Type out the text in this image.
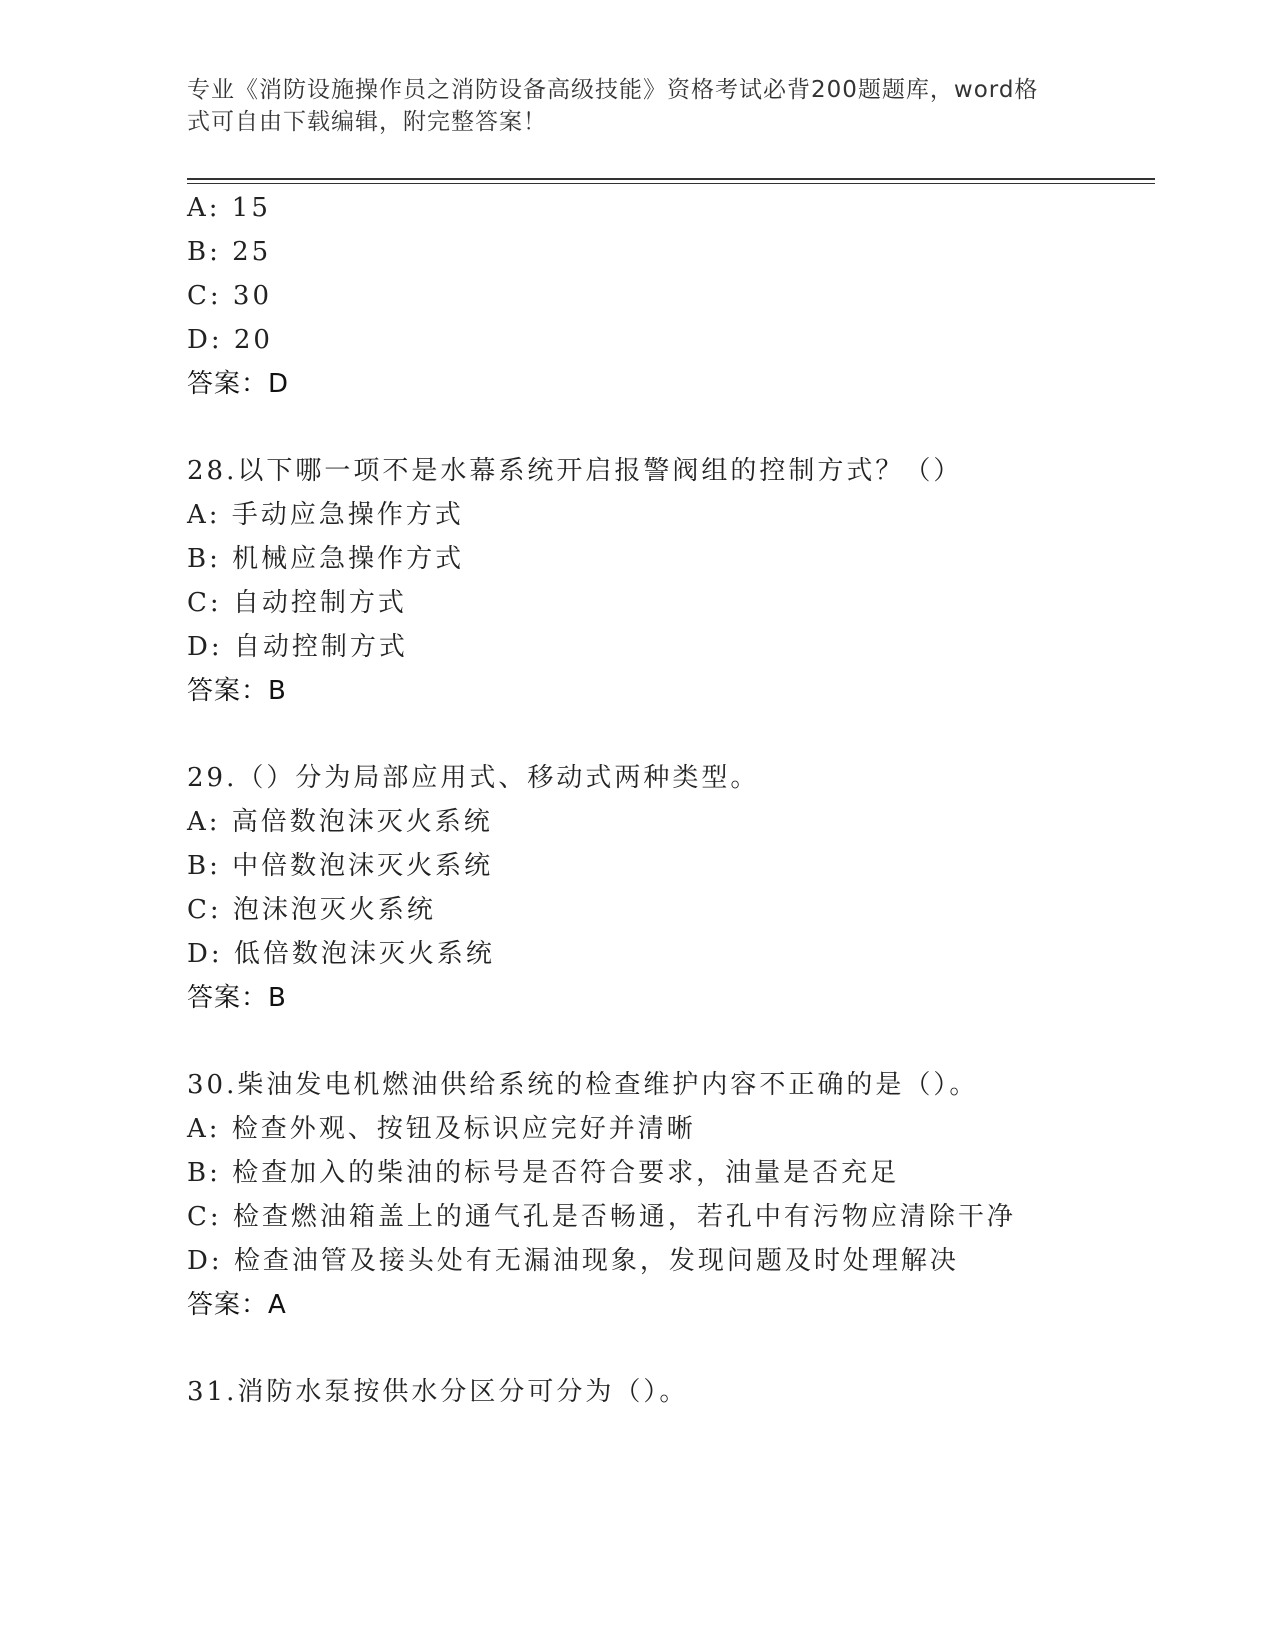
专业《消防设施操作员之消防设备高级技能》资格考试必背200题题库，word格
式可自由下载编辑，附完整答案！
A: 15
B: 25
C: 30
D: 20
答案：D
28.以下哪一项不是水幕系统开启报警阀组的控制方式？（）
A: 手动应急操作方式
B: 机械应急操作方式
C: 自动控制方式
D: 自动控制方式
答案：B
29.（）分为局部应用式、移动式两种类型。
A: 高倍数泡沫灭火系统
B: 中倍数泡沫灭火系统
C: 泡沫泡灭火系统
D: 低倍数泡沫灭火系统
答案：B
30.柴油发电机燃油供给系统的检查维护内容不正确的是（）。
A: 检查外观、按钮及标识应完好并清晰
B: 检查加入的柴油的标号是否符合要求，油量是否充足
C: 检查燃油箱盖上的通气孔是否畅通，若孔中有污物应清除干净
D: 检查油管及接头处有无漏油现象，发现问题及时处理解决
答案：A
31.消防水泵按供水分区分可分为（）。
